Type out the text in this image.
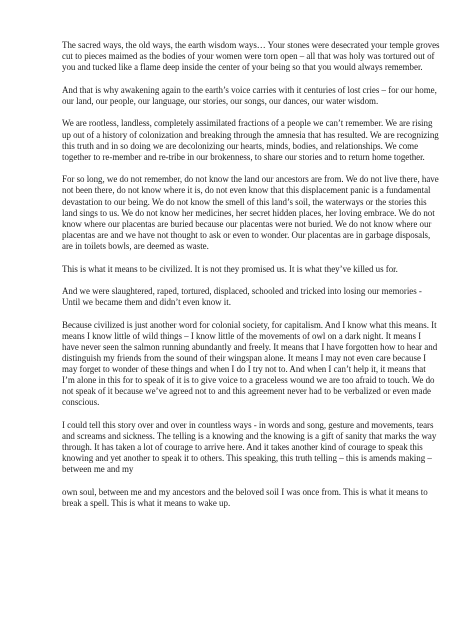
The sacred ways, the old ways, the earth wisdom ways… Your stones were desecrated your temple groves cut to pieces maimed as the bodies of your women were torn open – all that was holy was tortured out of you and tucked like a flame deep inside the center of your being so that you would always remember.

And that is why awakening again to the earth’s voice carries with it centuries of lost cries – for our home, our land, our people, our language, our stories, our songs, our dances, our water wisdom.

We are rootless, landless, completely assimilated fractions of a people we can’t remember. We are rising up out of a history of colonization and breaking through the amnesia that has resulted. We are recognizing this truth and in so doing we are decolonizing our hearts, minds, bodies, and relationships. We come together to re-member and re-tribe in our brokenness, to share our stories and to return home together.

For so long, we do not remember, do not know the land our ancestors are from. We do not live there, have not been there, do not know where it is, do not even know that this displacement panic is a fundamental devastation to our being. We do not know the smell of this land’s soil, the waterways or the stories this land sings to us. We do not know her medicines, her secret hidden places, her loving embrace. We do not know where our placentas are buried because our placentas were not buried. We do not know where our placentas are and we have not thought to ask or even to wonder. Our placentas are in garbage disposals, are in toilets bowls, are deemed as waste.

This is what it means to be civilized. It is not they promised us. It is what they’ve killed us for.

And we were slaughtered, raped, tortured, displaced, schooled and tricked into losing our memories - Until we became them and didn’t even know it.

Because civilized is just another word for colonial society, for capitalism. And I know what this means. It means I know little of wild things – I know little of the movements of owl on a dark night. It means I have never seen the salmon running abundantly and freely. It means that I have forgotten how to hear and distinguish my friends from the sound of their wingspan alone. It means I may not even care because I may forget to wonder of these things and when I do I try not to. And when I can’t help it, it means that I’m alone in this for to speak of it is to give voice to a graceless wound we are too afraid to touch. We do not speak of it because we’ve agreed not to and this agreement never had to be verbalized or even made conscious.

I could tell this story over and over in countless ways - in words and song, gesture and movements, tears and screams and sickness. The telling is a knowing and the knowing is a gift of sanity that marks the way through. It has taken a lot of courage to arrive here. And it takes another kind of courage to speak this knowing and yet another to speak it to others. This speaking, this truth telling – this is amends making – between me and my

own soul, between me and my ancestors and the beloved soil I was once from. This is what it means to break a spell. This is what it means to wake up.
